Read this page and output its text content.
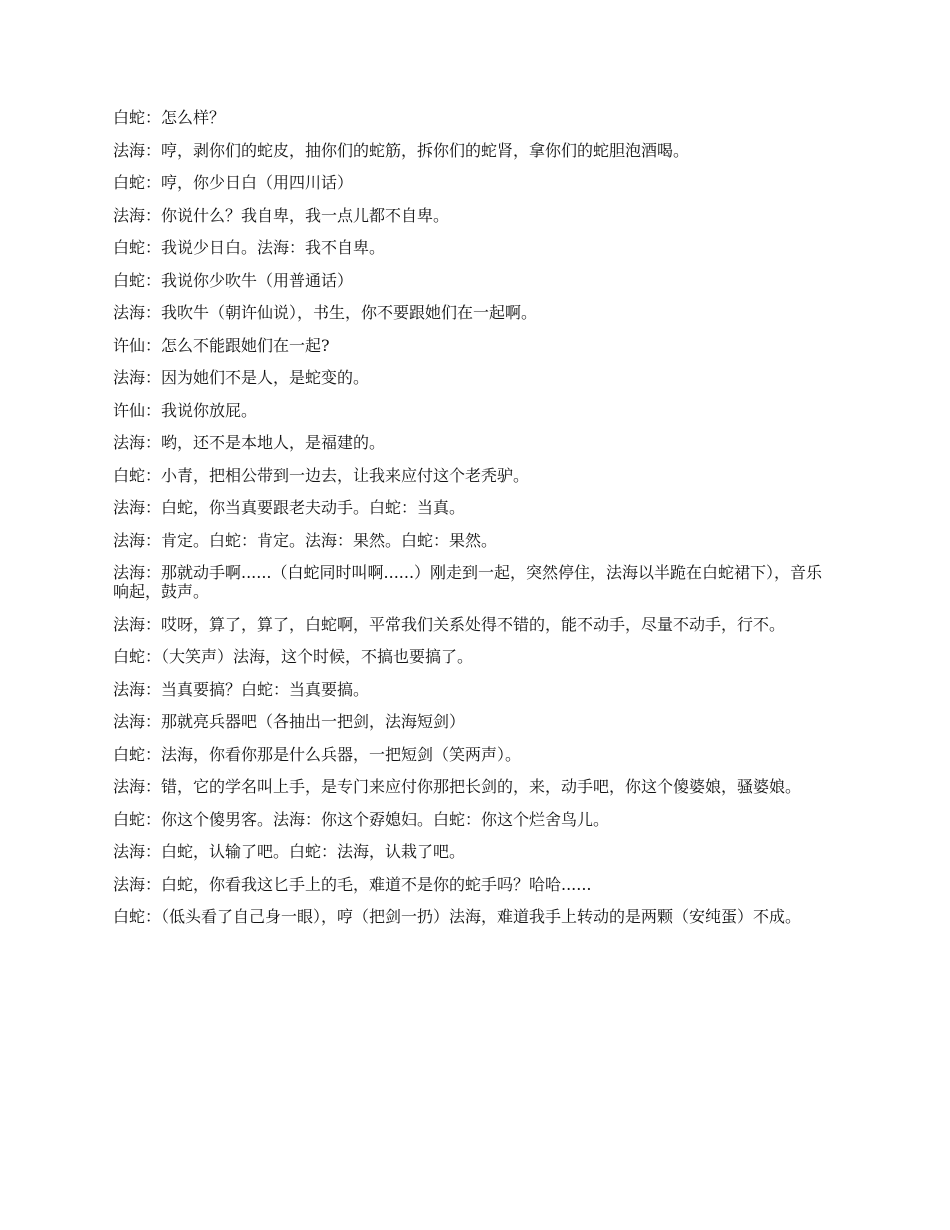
白蛇：怎么样？

法海：哼，剥你们的蛇皮，抽你们的蛇筋，拆你们的蛇肾，拿你们的蛇胆泡酒喝。

白蛇：哼，你少日白（用四川话）

法海：你说什么？我自卑，我一点儿都不自卑。

白蛇：我说少日白。法海：我不自卑。

白蛇：我说你少吹牛（用普通话）

法海：我吹牛（朝许仙说），书生，你不要跟她们在一起啊。

许仙：怎么不能跟她们在一起?

法海：因为她们不是人，是蛇变的。

许仙：我说你放屁。

法海：哟，还不是本地人，是福建的。

白蛇：小青，把相公带到一边去，让我来应付这个老秃驴。

法海：白蛇，你当真要跟老夫动手。白蛇：当真。

法海：肯定。白蛇：肯定。法海：果然。白蛇：果然。

法海：那就动手啊......（白蛇同时叫啊......）刚走到一起，突然停住，法海以半跪在白蛇裙下），音乐响起，鼓声。

法海：哎呀，算了，算了，白蛇啊，平常我们关系处得不错的，能不动手，尽量不动手，行不。

白蛇：（大笑声）法海，这个时候，不搞也要搞了。

法海：当真要搞？白蛇：当真要搞。

法海：那就亮兵器吧（各抽出一把剑，法海短剑）

白蛇：法海，你看你那是什么兵器，一把短剑（笑两声）。

法海：错，它的学名叫上手，是专门来应付你那把长剑的，来，动手吧，你这个傻婆娘，骚婆娘。

白蛇：你这个傻男客。法海：你这个孬媳妇。白蛇：你这个烂舍鸟儿。

法海：白蛇，认输了吧。白蛇：法海，认栽了吧。

法海：白蛇，你看我这匕手上的毛，难道不是你的蛇手吗？哈哈......

白蛇：（低头看了自己身一眼），哼（把剑一扔）法海，难道我手上转动的是两颗（安纯蛋）不成。
